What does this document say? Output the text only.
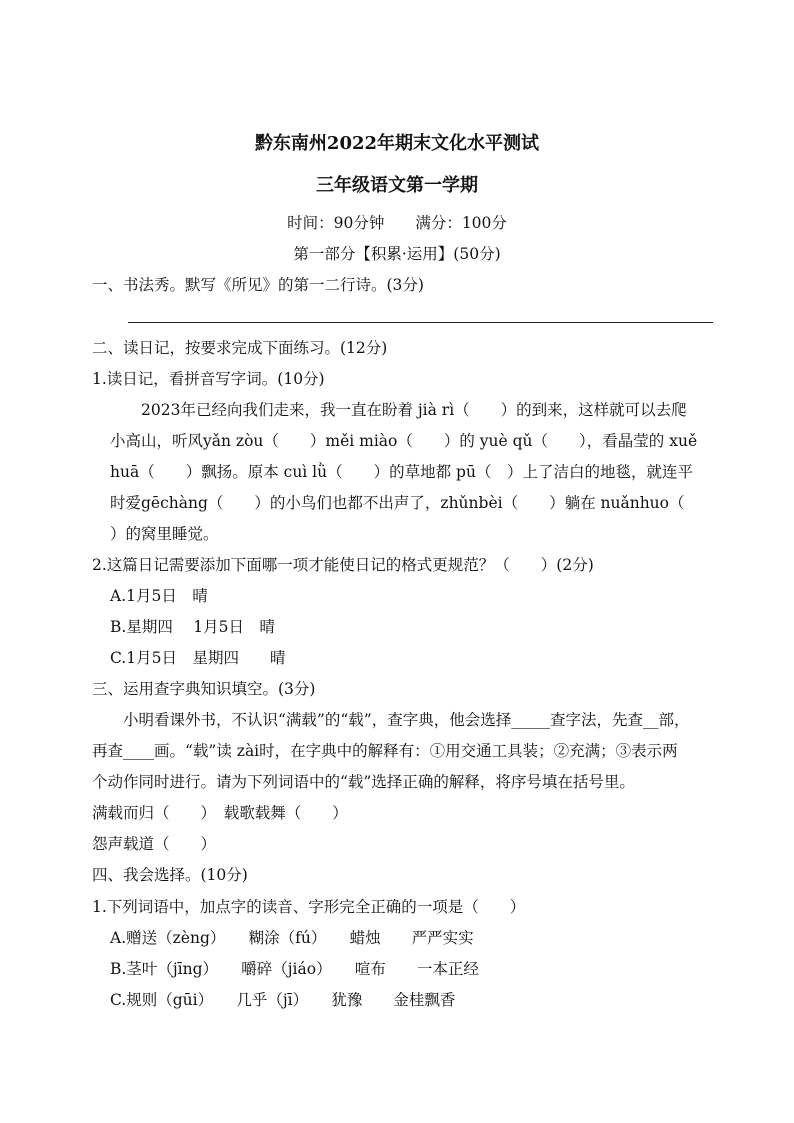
黔东南州2022年期末文化水平测试
三年级语文第一学期
时间：90分钟　　满分：100分
第一部分【积累·运用】(50分)
一、书法秀。默写《所见》的第一二行诗。(3分)
二、读日记，按要求完成下面练习。(12分)
1.读日记，看拼音写字词。(10分)
　　2023年已经向我们走来，我一直在盼着 jià rì（　　）的到来，这样就可以去爬
小高山，听风yǎn zòu（　　）měi miào（　　）的 yuè qǔ（　　），看晶莹的 xuě
huā（　　）飘扬。原本 cuì lǜ（　　）的草地都 pū（　）上了洁白的地毯，就连平
时爱gēchàng（　　）的小鸟们也都不出声了，zhǔnbèi（　　）躺在 nuǎnhuo（
）的窝里睡觉。
2.这篇日记需要添加下面哪一项才能使日记的格式更规范？（　　）(2分)
A.1月5日　晴
B.星期四　 1月5日　晴
C.1月5日　星期四　　晴
三、运用查字典知识填空。(3分)
　　小明看课外书，不认识“满载”的“载”，查字典，他会选择_____查字法，先查__部，
再查____画。“载”读 zài时，在字典中的解释有：①用交通工具装；②充满；③表示两
个动作同时进行。请为下列词语中的“载”选择正确的解释，将序号填在括号里。
满载而归（　　）　载歌载舞（　　）
怨声载道（　　）
四、我会选择。(10分)
1.下列词语中，加点字的读音、字形完全正确的一项是（　　）
A.赠送（zèng）　　糊涂（fú）　　蜡烛　　严严实实
B.茎叶（jīng）　　嚼碎（jiáo）　　喧布　　一本正经
C.规则（gūi）　　几乎（jī）　　犹豫　　金桂飘香
